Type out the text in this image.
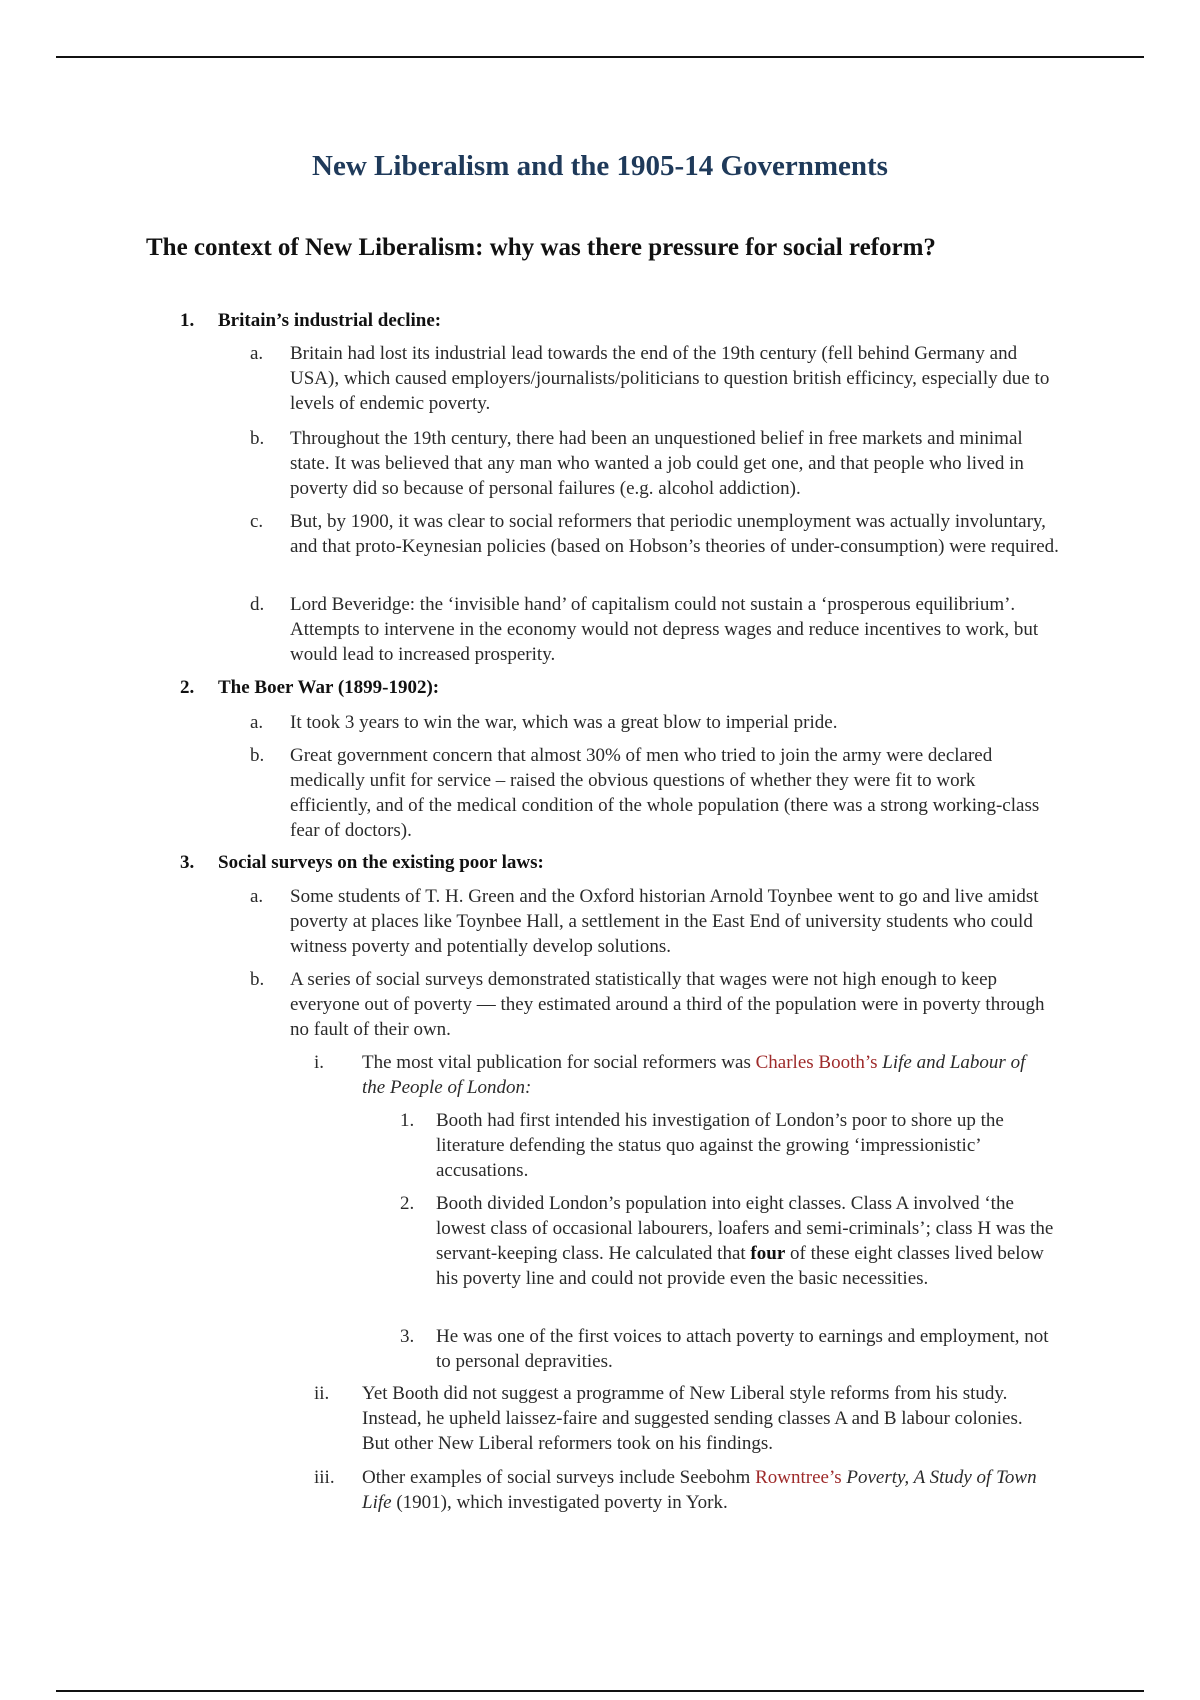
New Liberalism and the 1905-14 Governments
The context of New Liberalism: why was there pressure for social reform?
1. Britain’s industrial decline:
a. Britain had lost its industrial lead towards the end of the 19th century (fell behind Germany and USA), which caused employers/journalists/politicians to question british efficincy, especially due to levels of endemic poverty.
b. Throughout the 19th century, there had been an unquestioned belief in free markets and minimal state. It was believed that any man who wanted a job could get one, and that people who lived in poverty did so because of personal failures (e.g. alcohol addiction).
c. But, by 1900, it was clear to social reformers that periodic unemployment was actually involuntary, and that proto-Keynesian policies (based on Hobson’s theories of under-consumption) were required.
d. Lord Beveridge: the ‘invisible hand’ of capitalism could not sustain a ‘prosperous equilibrium’. Attempts to intervene in the economy would not depress wages and reduce incentives to work, but would lead to increased prosperity.
2. The Boer War (1899-1902):
a. It took 3 years to win the war, which was a great blow to imperial pride.
b. Great government concern that almost 30% of men who tried to join the army were declared medically unfit for service – raised the obvious questions of whether they were fit to work efficiently, and of the medical condition of the whole population (there was a strong working-class fear of doctors).
3. Social surveys on the existing poor laws:
a. Some students of T. H. Green and the Oxford historian Arnold Toynbee went to go and live amidst poverty at places like Toynbee Hall, a settlement in the East End of university students who could witness poverty and potentially develop solutions.
b. A series of social surveys demonstrated statistically that wages were not high enough to keep everyone out of poverty — they estimated around a third of the population were in poverty through no fault of their own.
i. The most vital publication for social reformers was Charles Booth’s Life and Labour of the People of London:
1. Booth had first intended his investigation of London’s poor to shore up the literature defending the status quo against the growing ‘impressionistic’ accusations.
2. Booth divided London’s population into eight classes. Class A involved ‘the lowest class of occasional labourers, loafers and semi-criminals’; class H was the servant-keeping class. He calculated that four of these eight classes lived below his poverty line and could not provide even the basic necessities.
3. He was one of the first voices to attach poverty to earnings and employment, not to personal depravities.
ii. Yet Booth did not suggest a programme of New Liberal style reforms from his study. Instead, he upheld laissez-faire and suggested sending classes A and B labour colonies. But other New Liberal reformers took on his findings.
iii. Other examples of social surveys include Seebohm Rowntree’s Poverty, A Study of Town Life (1901), which investigated poverty in York.
